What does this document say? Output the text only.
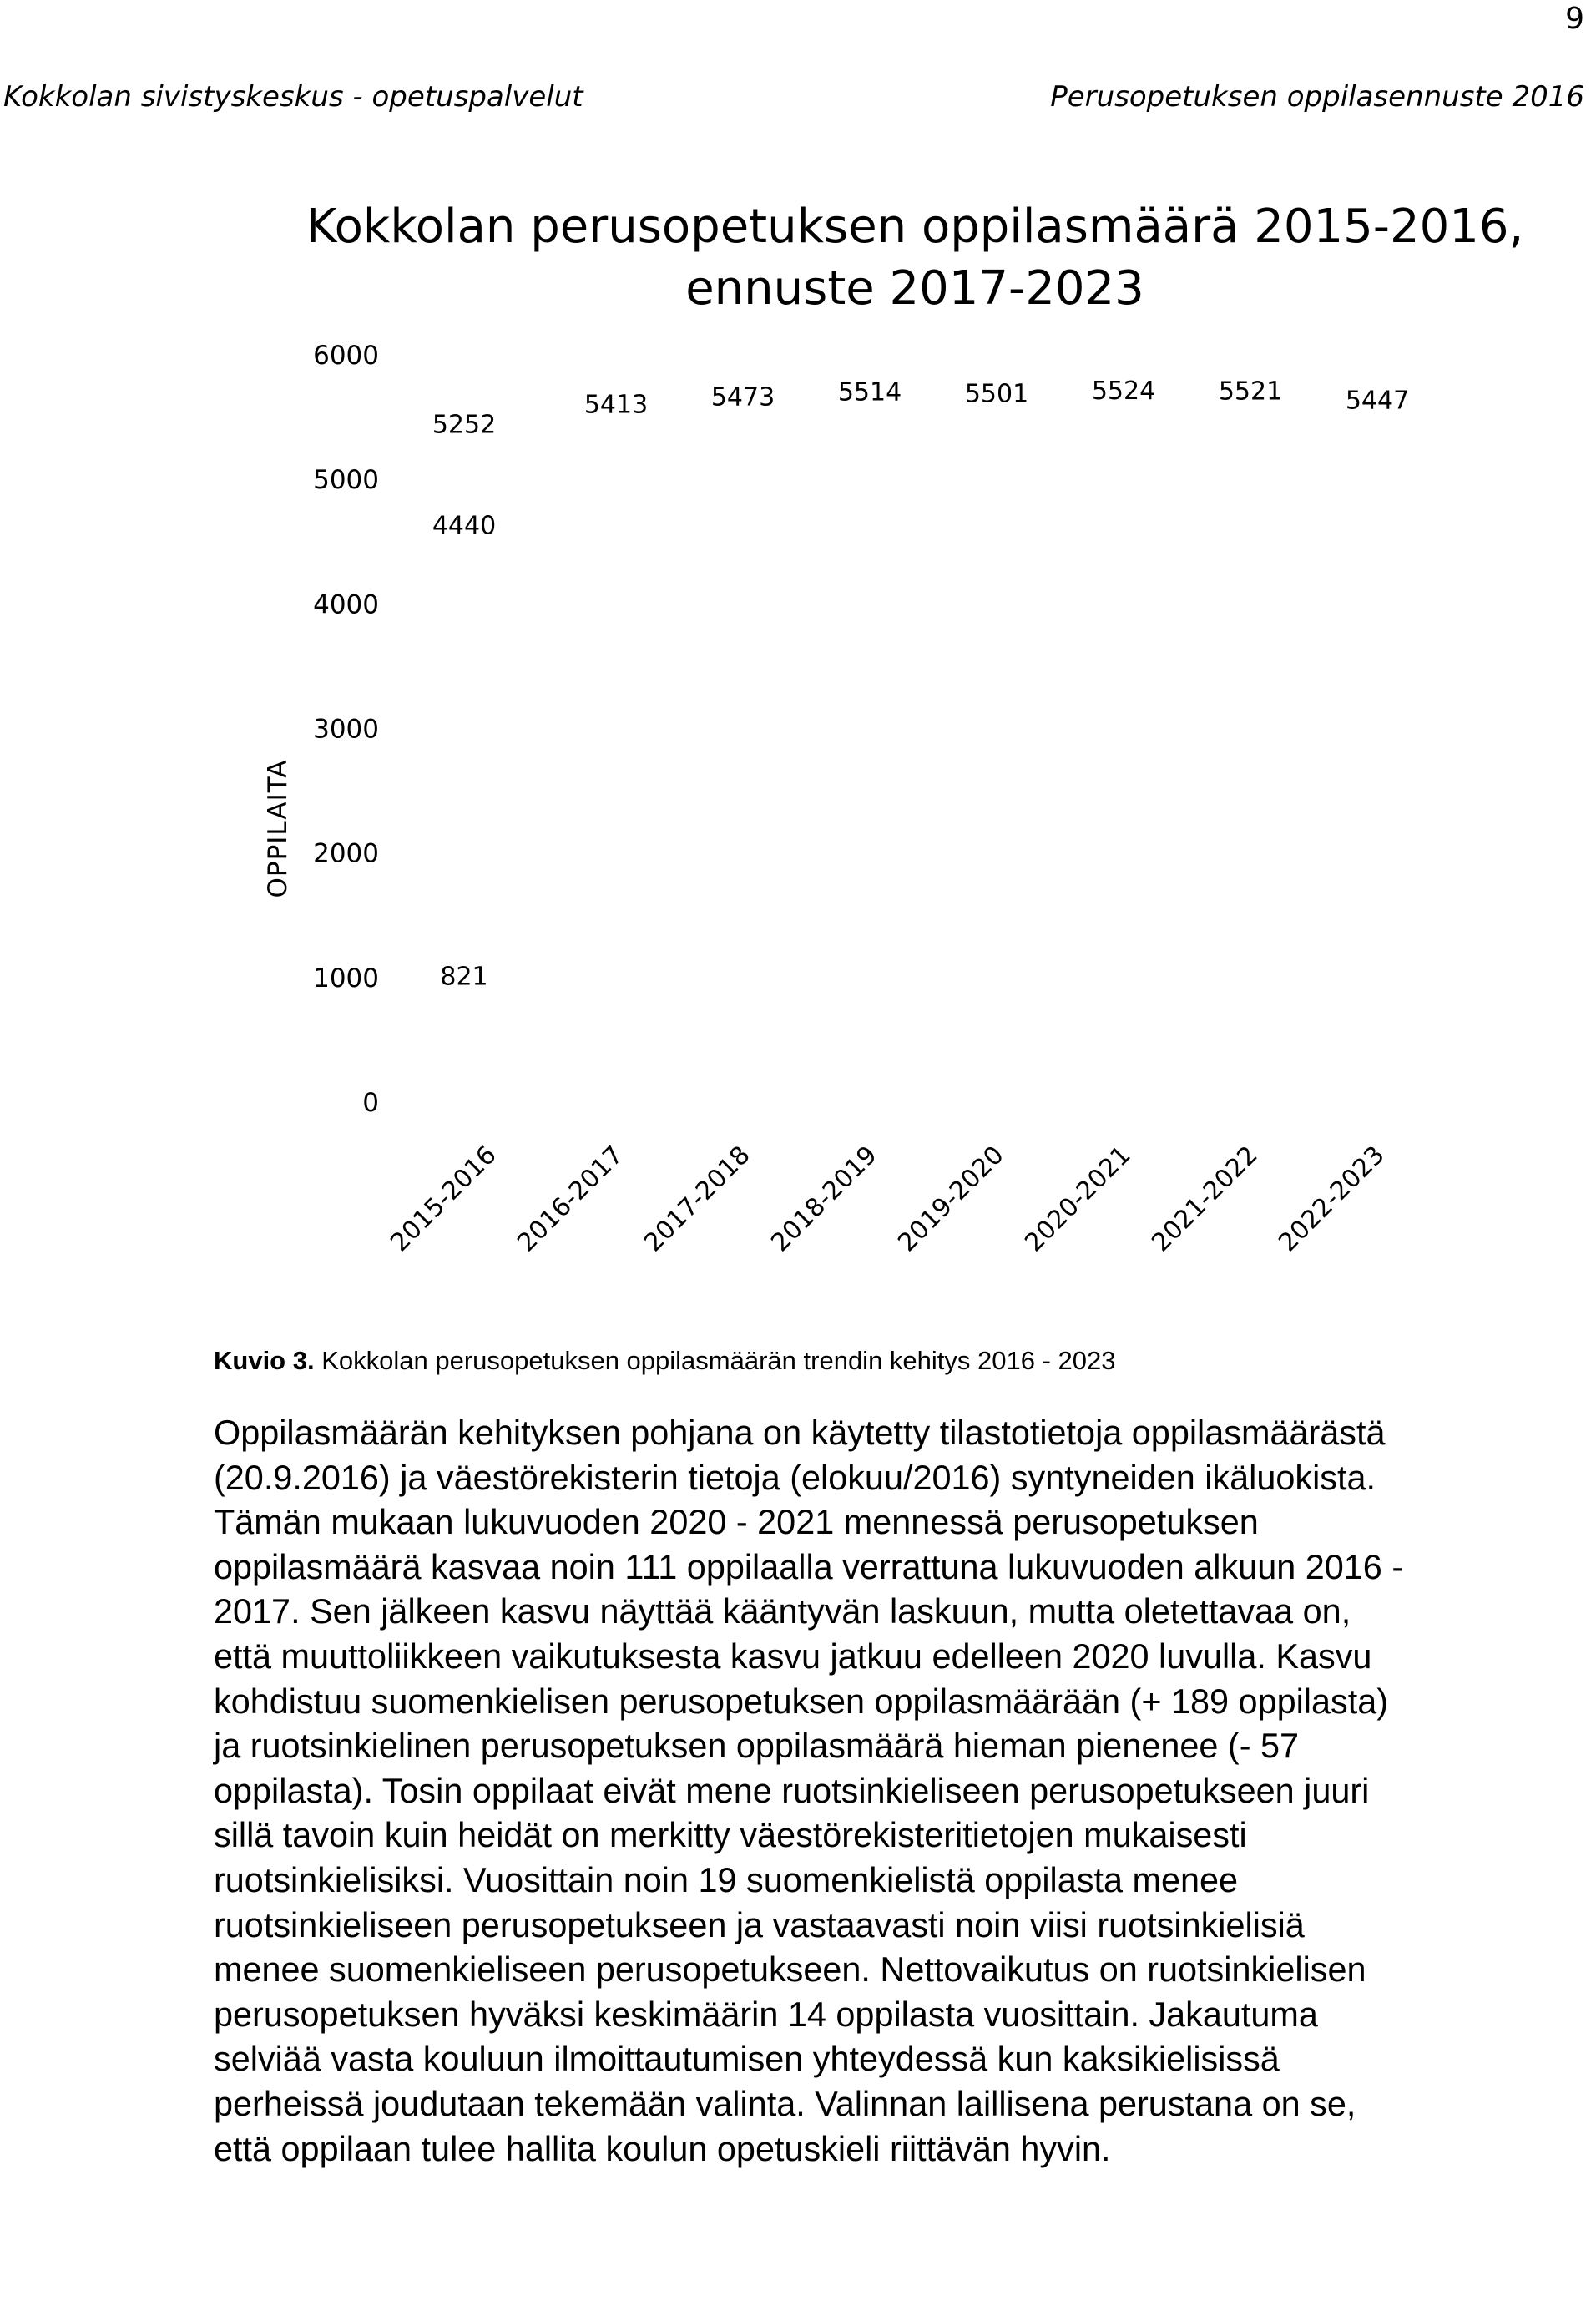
9
Kokkolan sivistyskeskus - opetuspalvelut	Perusopetuksen oppilasennuste 2016
Kokkolan perusopetuksen oppilasmäärä 2015-2016,
ennuste 2017-2023
0
1000
2000
3000
4000
5000
6000
OPPILAITA
5252
5413	5473	5514	5501	5524	5521	5447
4440
821
2015-2016 2016-2017 2017-2018 2018-2019 2019-2020 2020-2021 2021-2022 2022-2023
Kuvio 3. Kokkolan perusopetuksen oppilasmäärän trendin kehitys 2016 - 2023
Oppilasmäärän kehityksen pohjana on käytetty tilastotietoja oppilasmäärästä
(20.9.2016) ja väestörekisterin tietoja (elokuu/2016) syntyneiden ikäluokista.
Tämän mukaan lukuvuoden 2020 - 2021 mennessä perusopetuksen
oppilasmäärä kasvaa noin 111 oppilaalla verrattuna lukuvuoden alkuun 2016 -
2017. Sen jälkeen kasvu näyttää kääntyvän laskuun, mutta oletettavaa on,
että muuttoliikkeen vaikutuksesta kasvu jatkuu edelleen 2020 luvulla. Kasvu
kohdistuu suomenkielisen perusopetuksen oppilasmäärään (+ 189 oppilasta)
ja ruotsinkielinen perusopetuksen oppilasmäärä hieman pienenee (- 57
oppilasta). Tosin oppilaat eivät mene ruotsinkieliseen perusopetukseen juuri
sillä tavoin kuin heidät on merkitty väestörekisteritietojen mukaisesti
ruotsinkielisiksi. Vuosittain noin 19 suomenkielistä oppilasta menee
ruotsinkieliseen perusopetukseen ja vastaavasti noin viisi ruotsinkielisiä
menee suomenkieliseen perusopetukseen. Nettovaikutus on ruotsinkielisen
perusopetuksen hyväksi keskimäärin 14 oppilasta vuosittain. Jakautuma
selviää vasta kouluun ilmoittautumisen yhteydessä kun kaksikielisissä
perheissä joudutaan tekemään valinta. Valinnan laillisena perustana on se,
että oppilaan tulee hallita koulun opetuskieli riittävän hyvin.
